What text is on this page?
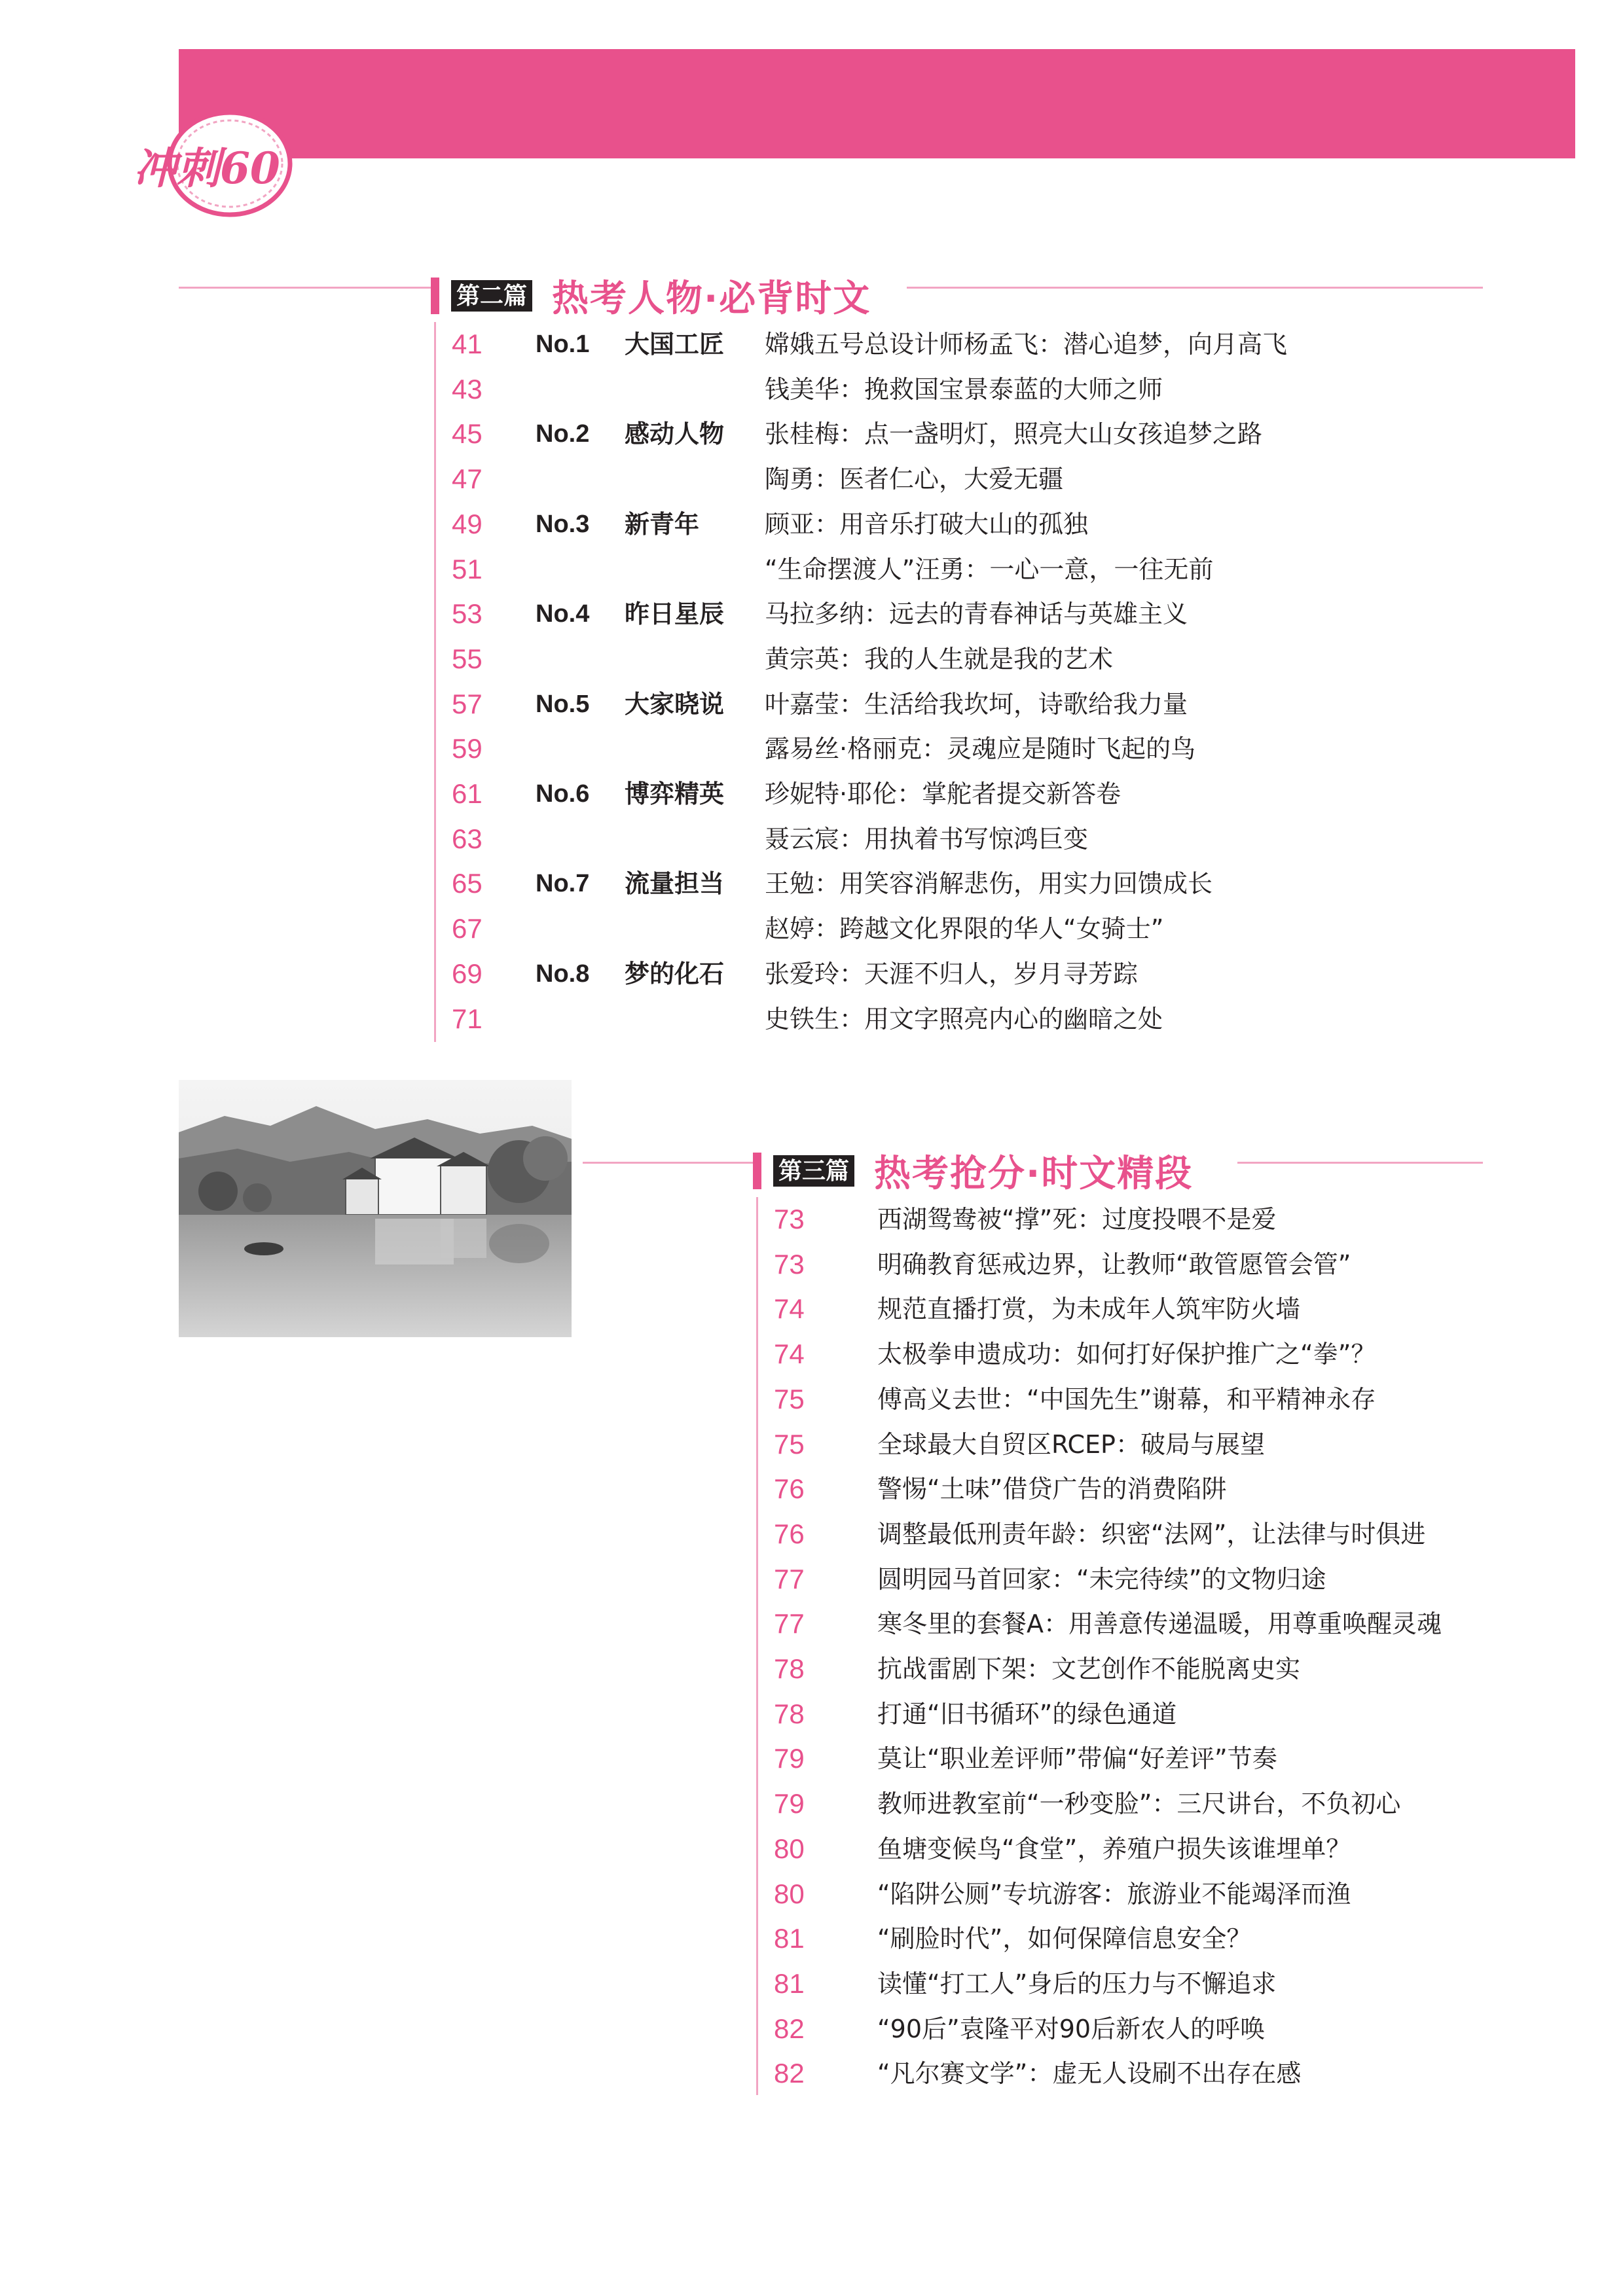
冲刺60
第二篇 热考人物·必背时文
41 No.1 大国工匠 嫦娥五号总设计师杨孟飞：潜心追梦，向月高飞
43	钱美华：挽救国宝景泰蓝的大师之师
45 No.2 感动人物 张桂梅：点一盏明灯，照亮大山女孩追梦之路
47	陶勇：医者仁心，大爱无疆
49 No.3 新青年	顾亚：用音乐打破大山的孤独
51	“生命摆渡人”汪勇：一心一意，一往无前
53 No.4 昨日星辰 马拉多纳：远去的青春神话与英雄主义
55	黄宗英：我的人生就是我的艺术
57 No.5 大家晓说 叶嘉莹：生活给我坎坷，诗歌给我力量
59	露易丝·格丽克：灵魂应是随时飞起的鸟
61 No.6 博弈精英 珍妮特·耶伦：掌舵者提交新答卷
63	聂云宸：用执着书写惊鸿巨变
65 No.7 流量担当 王勉：用笑容消解悲伤，用实力回馈成长
67	赵婷：跨越文化界限的华人“女骑士”
69 No.8 梦的化石 张爱玲：天涯不归人，岁月寻芳踪
71	史铁生：用文字照亮内心的幽暗之处
第三篇 热考抢分·时文精段
73	西湖鸳鸯被“撑”死：过度投喂不是爱
73	明确教育惩戒边界，让教师“敢管愿管会管”
74	规范直播打赏，为未成年人筑牢防火墙
74	太极拳申遗成功：如何打好保护推广之“拳”？
75	傅高义去世：“中国先生”谢幕，和平精神永存
75	全球最大自贸区RCEP：破局与展望
76	警惕“土味”借贷广告的消费陷阱
76	调整最低刑责年龄：织密“法网”，让法律与时俱进
77	圆明园马首回家：“未完待续”的文物归途
77	寒冬里的套餐A：用善意传递温暖，用尊重唤醒灵魂
78	抗战雷剧下架：文艺创作不能脱离史实
78	打通“旧书循环”的绿色通道
79	莫让“职业差评师”带偏“好差评”节奏
79	教师进教室前“一秒变脸”：三尺讲台，不负初心
80	鱼塘变候鸟“食堂”，养殖户损失该谁埋单？
80	“陷阱公厕”专坑游客：旅游业不能竭泽而渔
81	“刷脸时代”，如何保障信息安全？
81	读懂“打工人”身后的压力与不懈追求
82	“90后”袁隆平对90后新农人的呼唤
82	“凡尔赛文学”：虚无人设刷不出存在感
